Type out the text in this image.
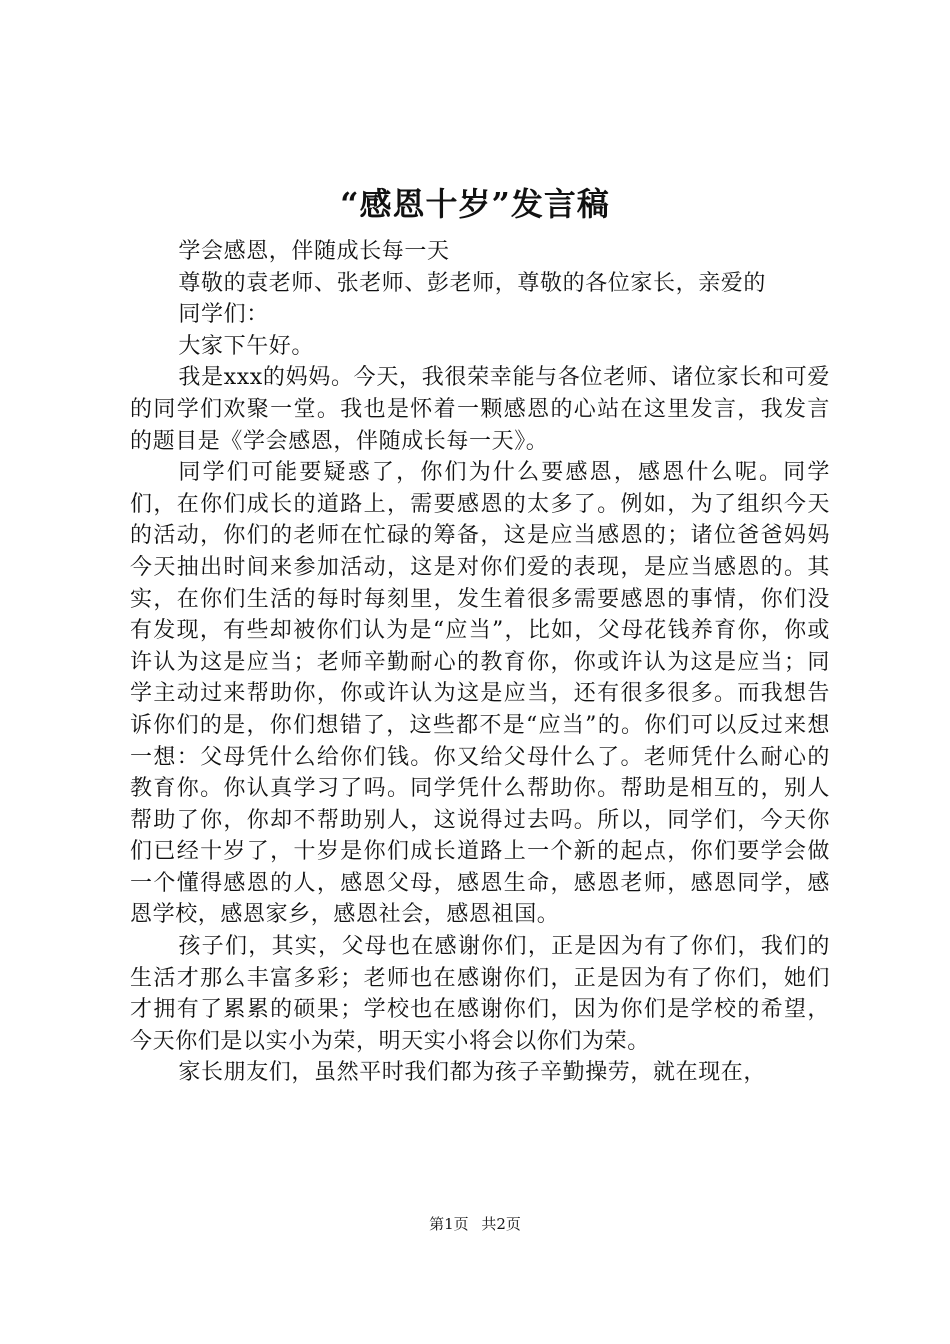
“感恩十岁”发言稿

学会感恩，伴随成长每一天

尊敬的袁老师、张老师、彭老师，尊敬的各位家长，亲爱的

同学们：

大家下午好。

我是xxx的妈妈。今天，我很荣幸能与各位老师、诸位家长和可爱的同学们欢聚一堂。我也是怀着一颗感恩的心站在这里发言，我发言的题目是《学会感恩，伴随成长每一天》。

同学们可能要疑惑了，你们为什么要感恩，感恩什么呢。同学们，在你们成长的道路上，需要感恩的太多了。例如，为了组织今天的活动，你们的老师在忙碌的筹备，这是应当感恩的；诸位爸爸妈妈今天抽出时间来参加活动，这是对你们爱的表现，是应当感恩的。其实，在你们生活的每时每刻里，发生着很多需要感恩的事情，你们没有发现，有些却被你们认为是“应当”，比如，父母花钱养育你，你或许认为这是应当；老师辛勤耐心的教育你，你或许认为这是应当；同学主动过来帮助你，你或许认为这是应当，还有很多很多。而我想告诉你们的是，你们想错了，这些都不是“应当”的。你们可以反过来想一想：父母凭什么给你们钱。你又给父母什么了。老师凭什么耐心的教育你。你认真学习了吗。同学凭什么帮助你。帮助是相互的，别人帮助了你，你却不帮助别人，这说得过去吗。所以，同学们，今天你们已经十岁了，十岁是你们成长道路上一个新的起点，你们要学会做一个懂得感恩的人，感恩父母，感恩生命，感恩老师，感恩同学，感恩学校，感恩家乡，感恩社会，感恩祖国。

孩子们，其实，父母也在感谢你们，正是因为有了你们，我们的生活才那么丰富多彩；老师也在感谢你们，正是因为有了你们，她们才拥有了累累的硕果；学校也在感谢你们，因为你们是学校的希望，今天你们是以实小为荣，明天实小将会以你们为荣。

家长朋友们，虽然平时我们都为孩子辛勤操劳，就在现在，

第1页 共2页
